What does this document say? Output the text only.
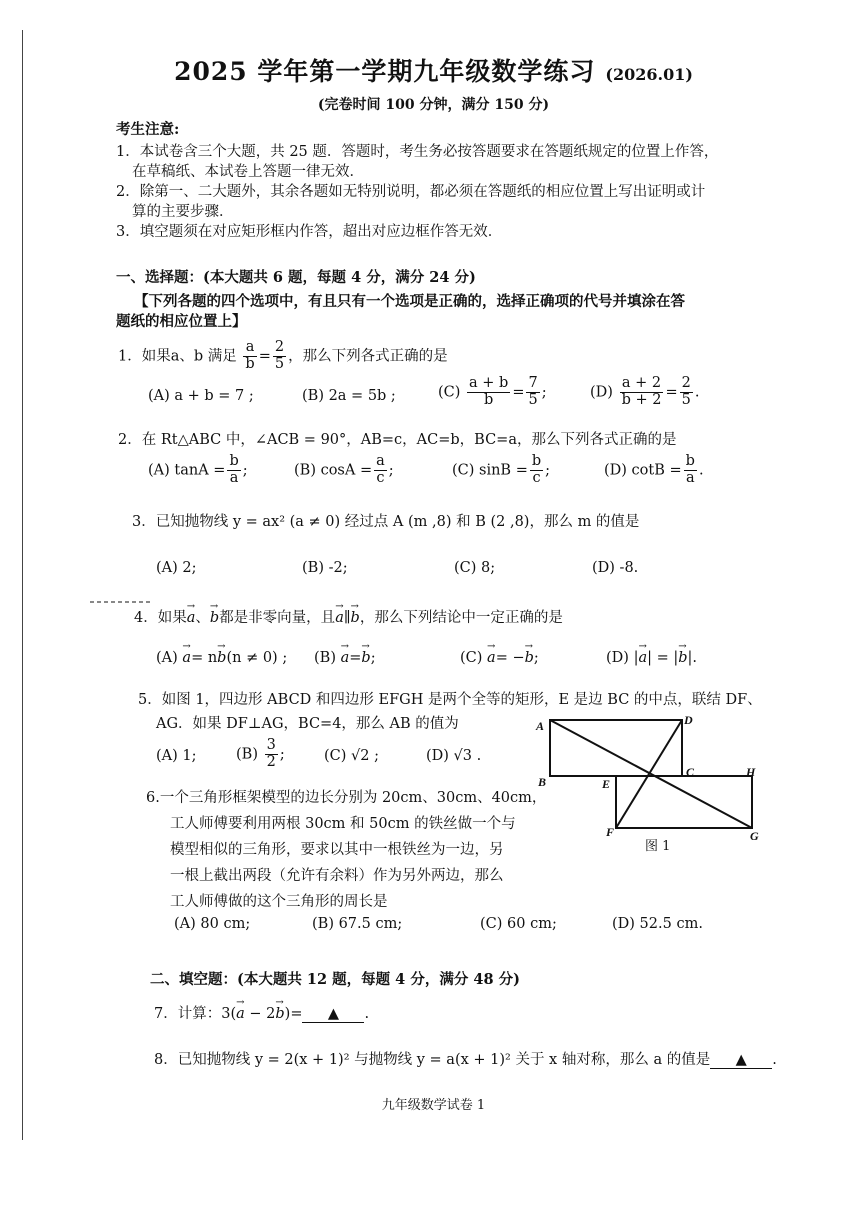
2025 学年第一学期九年级数学练习 (2026.01)
(完卷时间 100 分钟，满分 150 分)
考生注意:
1．本试卷含三个大题，共 25 题．答题时，考生务必按答题要求在答题纸规定的位置上作答，
在草稿纸、本试卷上答题一律无效．
2．除第一、二大题外，其余各题如无特别说明，都必须在答题纸的相应位置上写出证明或计
算的主要步骤．
3．填空题须在对应矩形框内作答，超出对应边框作答无效．
一、选择题：(本大题共 6 题，每题 4 分，满分 24 分)
【下列各题的四个选项中，有且只有一个选项是正确的，选择正确项的代号并填涂在答
题纸的相应位置上】
1．如果a、b 满足 $\frac{a}{b} = \frac{2}{5}$ ，那么下列各式正确的是
(A) a + b = 7 ;	(B) 2a = 5b ;	$(C) \frac{a + b}{b} = \frac{7}{5}$ ;	$(D) \frac{a + 2}{b + 2} = \frac{2}{5}$ .
2．在 Rt△ABC 中，∠ACB = 90°，AB=c，AC=b，BC=a，那么下列各式正确的是
(A) $\tan A = \frac{b}{a}$ ;	(B) $\cos A = \frac{a}{c}$ ;	(C) $\sin B = \frac{b}{c}$ ;	(D) $\cot B = \frac{b}{a}$ .
3．已知抛物线 y = ax² (a ≠ 0) 经过点 A (m ,8) 和 B (2 ,8)，那么 m 的值是
(A) 2;	(B) -2;	(C) 8;	(D) -8.
4．如果→ a、→ b都是非零向量，且→ a∥→ b，那么下列结论中一定正确的是
(A) → a= n→ b(n ≠ 0) ; (B) → a=→ b;	(C) → a= −→ b;	(D) |→ a| = |→ b|.
5．如图 1，四边形 ABCD 和四边形 EFGH 是两个全等的矩形，E 是边 BC 的中点，联结 DF、
AG．如果 DF⊥AG，BC=4，那么 AB 的值为
(A) 1;	$(B) \frac{3}{2}$ ;	(C) √2 ;	(D) √3 .
6.一个三角形框架模型的边长分别为 20cm、30cm、40cm，
工人师傅要利用两根 30cm 和 50cm 的铁丝做一个与
模型相似的三角形，要求以其中一根铁丝为一边，另
一根上截出两段（允许有余料）作为另外两边，那么
工人师傅做的这个三角形的周长是
(A) 80 cm;	(B) 67.5 cm;	(C) 60 cm;	(D) 52.5 cm.
A	D
B
C	H
E
F	G
图 1
二、填空题：(本大题共 12 题，每题 4 分，满分 48 分)
7．计算：3(→ a − 2→ b)= ▲ .
8．已知抛物线 y = 2(x + 1)² 与抛物线 y = a(x + 1)² 关于 x 轴对称，那么 a 的值是 ▲ .
九年级数学试卷 1
